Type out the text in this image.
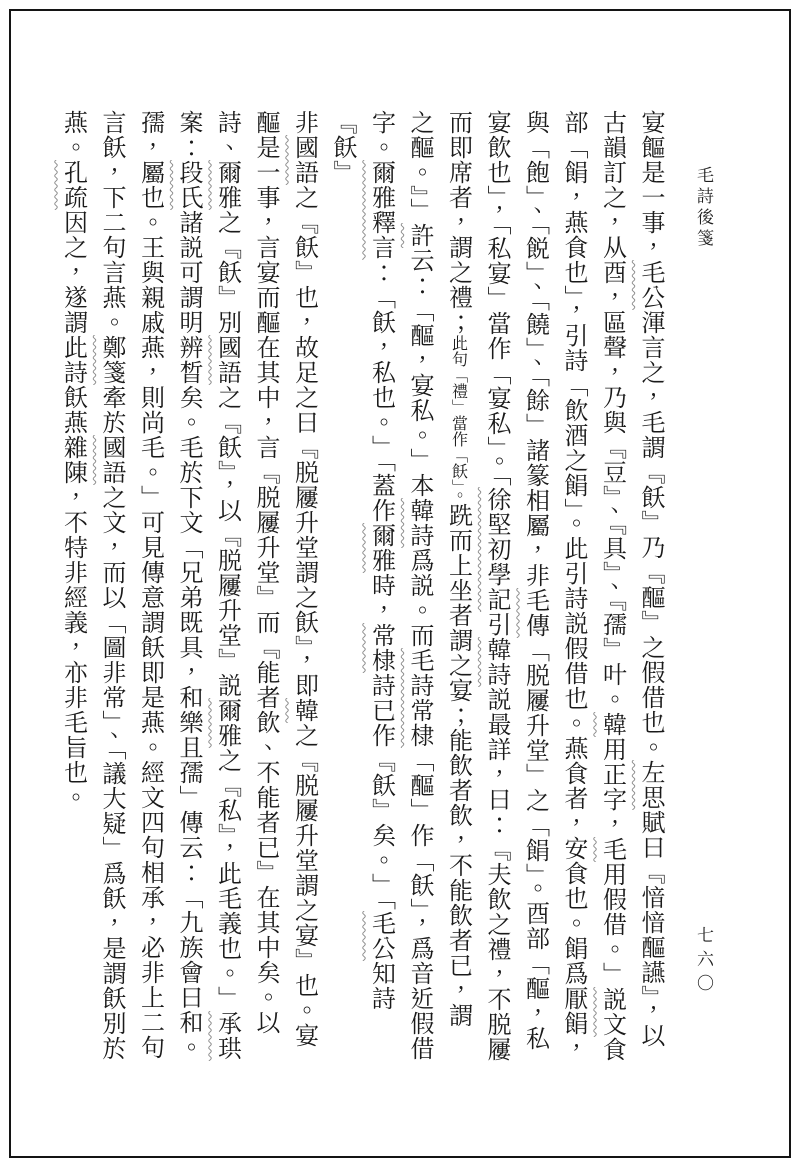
毛詩後箋
七六〇
宴饇是一事，毛公渾言之，毛謂『飫』乃『醧』之假借也。左思賦曰『愔愔醧讌』，以
古韻訂之，从酉，區聲，乃與『豆』、『具』、『孺』叶。韓用正字，毛用假借。」説文食
部「䬼，燕食也」，引詩「飲酒之䬼」。此引詩説假借也。燕食者，安食也。䬼爲厭䬼，
與「飽」、「䬽」、「饒」、「餘」諸篆相屬，非毛傳「脱屨升堂」之「䬼」。酉部「醧，私
宴飲也」，「私宴」當作「宴私」。「徐堅初學記引韓詩説最詳，曰：『夫飲之禮，不脱屨
而即席者，謂之禮；此句「禮」當作「飫」。跣而上坐者謂之宴；能飲者飲，不能飲者已，謂
之醧。』」許云：「醧，宴私。」本韓詩爲説。而毛詩常棣「醧」作「飫」，爲音近假借
字。爾雅釋言：「飫，私也。」「蓋作爾雅時，常棣詩已作『飫』矣。」「毛公知詩『飫』
非國語之『飫』也，故足之曰『脱屨升堂謂之飫』，即韓之『脱屨升堂謂之宴』也。宴
醧是一事，言宴而醧在其中，言『脱屨升堂』而『能者飲、不能者已』在其中矣。以
詩、爾雅之『飫』別國語之『飫』，以『脱屨升堂』説爾雅之『私』，此毛義也。」承珙
案：段氏諸説可謂明辨晳矣。毛於下文「兄弟既具，和樂且孺」傳云：「九族會曰和。
孺，屬也。王與親戚燕，則尚毛。」可見傳意謂飫即是燕。經文四句相承，必非上二句
言飫，下二句言燕。鄭箋牽於國語之文，而以「圖非常」、「議大疑」爲飫，是謂飫別於
燕。孔疏因之，遂謂此詩飫燕雜陳，不特非經義，亦非毛旨也。
